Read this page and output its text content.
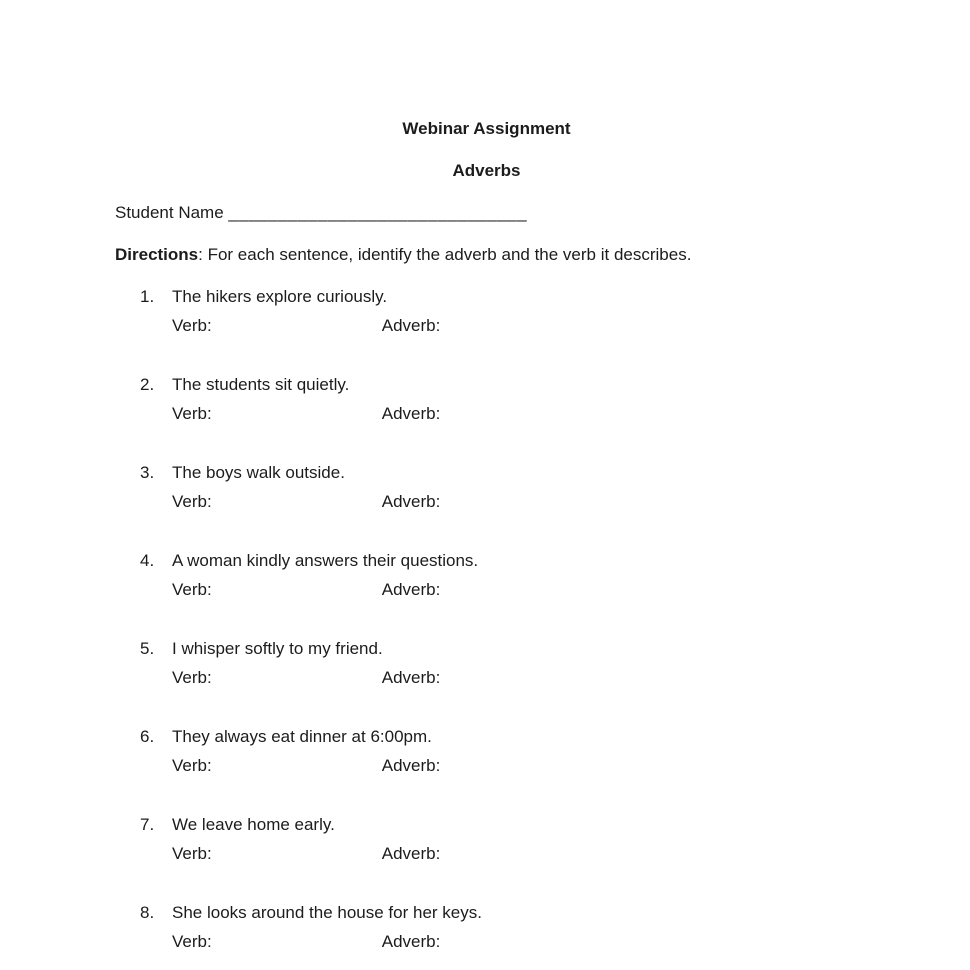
Webinar Assignment
Adverbs
Student Name ______________________________
Directions: For each sentence, identify the adverb and the verb it describes.
1.	The hikers explore curiously.
Verb:	Adverb:
2.	The students sit quietly.
Verb:	Adverb:
3.	The boys walk outside.
Verb:	Adverb:
4.	A woman kindly answers their questions.
Verb:	Adverb:
5.	I whisper softly to my friend.
Verb:	Adverb:
6.	They always eat dinner at 6:00pm.
Verb:	Adverb:
7.	We leave home early.
Verb:	Adverb:
8.	She looks around the house for her keys.
Verb:	Adverb:
